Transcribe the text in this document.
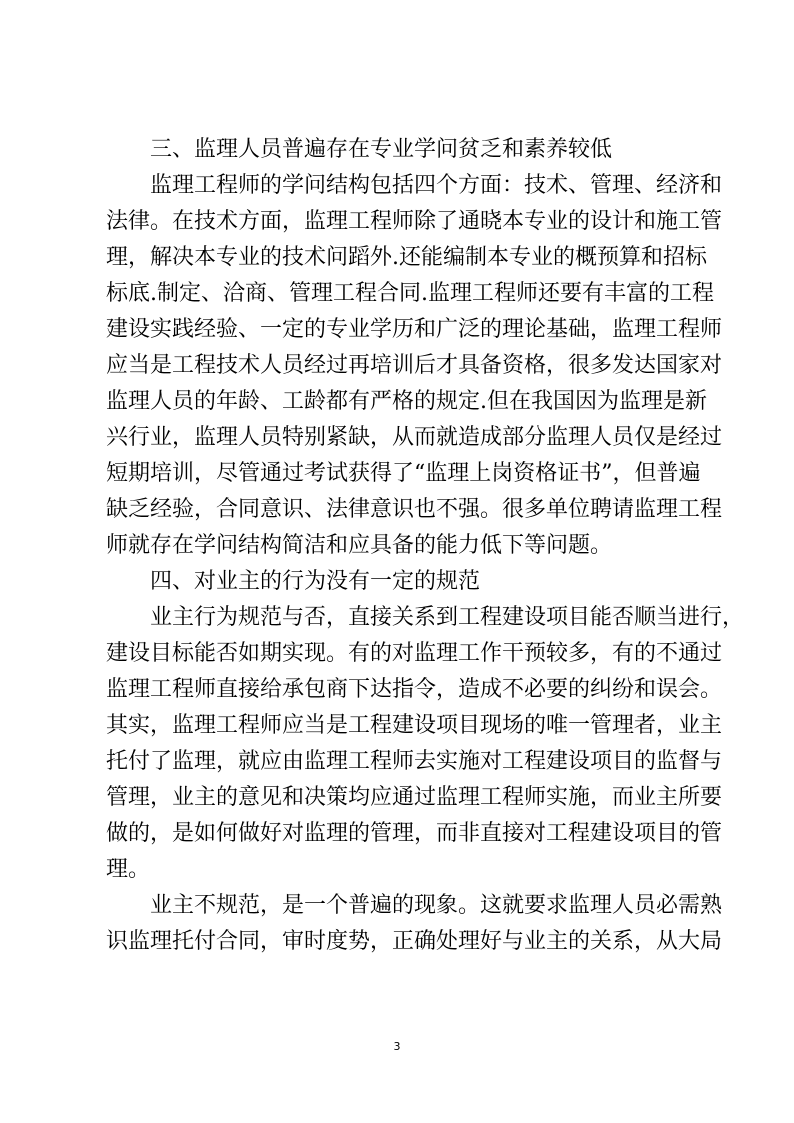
三、监理人员普遍存在专业学问贫乏和素养较低
监理工程师的学问结构包括四个方面：技术、管理、经济和
法律。在技术方面，监理工程师除了通晓本专业的设计和施工管
理，解决本专业的技术问蹈外.还能编制本专业的概预算和招标
标底.制定、洽商、管理工程合同.监理工程师还要有丰富的工程
建设实践经验、一定的专业学历和广泛的理论基础，监理工程师
应当是工程技术人员经过再培训后才具备资格，很多发达国家对
监理人员的年龄、工龄都有严格的规定.但在我国因为监理是新
兴行业，监理人员特别紧缺，从而就造成部分监理人员仅是经过
短期培训，尽管通过考试获得了“监理上岗资格证书”，但普遍
缺乏经验，合同意识、法律意识也不强。很多单位聘请监理工程
师就存在学问结构简洁和应具备的能力低下等问题。
四、对业主的行为没有一定的规范
业主行为规范与否，直接关系到工程建设项目能否顺当进行，
建设目标能否如期实现。有的对监理工作干预较多，有的不通过
监理工程师直接给承包商下达指令，造成不必要的纠纷和误会。
其实，监理工程师应当是工程建设项目现场的唯一管理者，业主
托付了监理，就应由监理工程师去实施对工程建设项目的监督与
管理，业主的意见和决策均应通过监理工程师实施，而业主所要
做的，是如何做好对监理的管理，而非直接对工程建设项目的管
理。
业主不规范，是一个普遍的现象。这就要求监理人员必需熟
识监理托付合同，审时度势，正确处理好与业主的关系，从大局
3
